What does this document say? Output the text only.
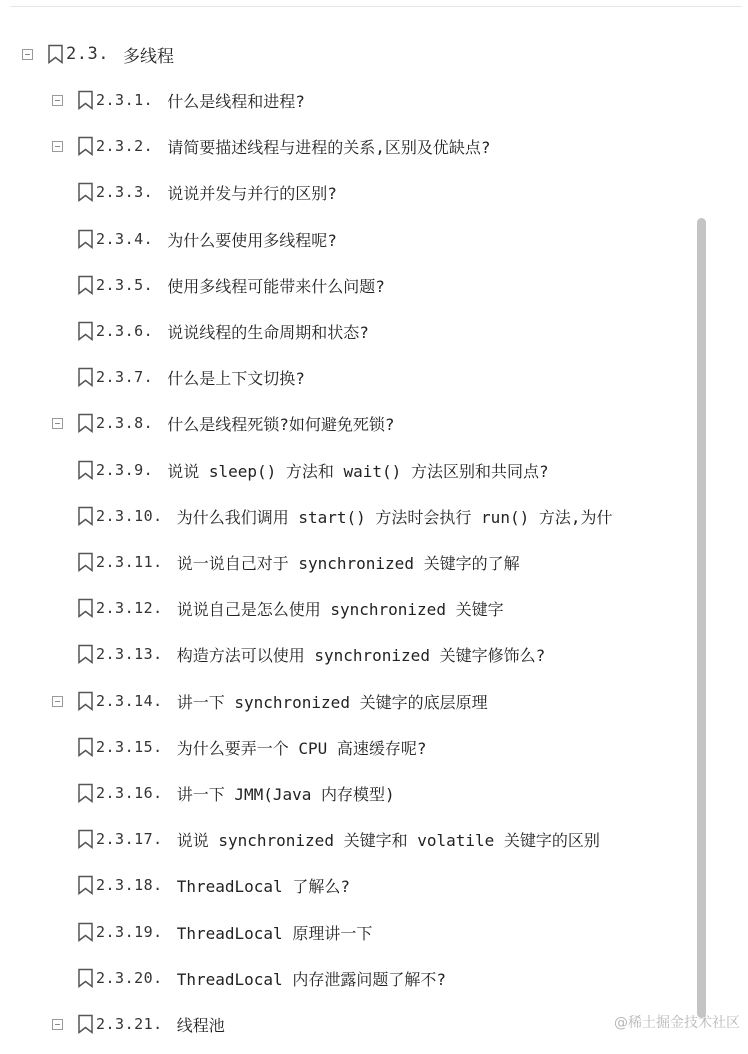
2.3. 多线程
2.3.1. 什么是线程和进程?
2.3.2. 请简要描述线程与进程的关系,区别及优缺点?
2.3.3. 说说并发与并行的区别?
2.3.4. 为什么要使用多线程呢?
2.3.5. 使用多线程可能带来什么问题?
2.3.6. 说说线程的生命周期和状态?
2.3.7. 什么是上下文切换?
2.3.8. 什么是线程死锁?如何避免死锁?
2.3.9. 说说 sleep() 方法和 wait() 方法区别和共同点?
2.3.10. 为什么我们调用 start() 方法时会执行 run() 方法,为什
2.3.11. 说一说自己对于 synchronized 关键字的了解
2.3.12. 说说自己是怎么使用 synchronized 关键字
2.3.13. 构造方法可以使用 synchronized 关键字修饰么?
2.3.14. 讲一下 synchronized 关键字的底层原理
2.3.15. 为什么要弄一个 CPU 高速缓存呢?
2.3.16. 讲一下 JMM(Java 内存模型)
2.3.17. 说说 synchronized 关键字和 volatile 关键字的区别
2.3.18. ThreadLocal 了解么?
2.3.19. ThreadLocal 原理讲一下
2.3.20. ThreadLocal 内存泄露问题了解不?
2.3.21. 线程池	@稀土掘金技术社区
